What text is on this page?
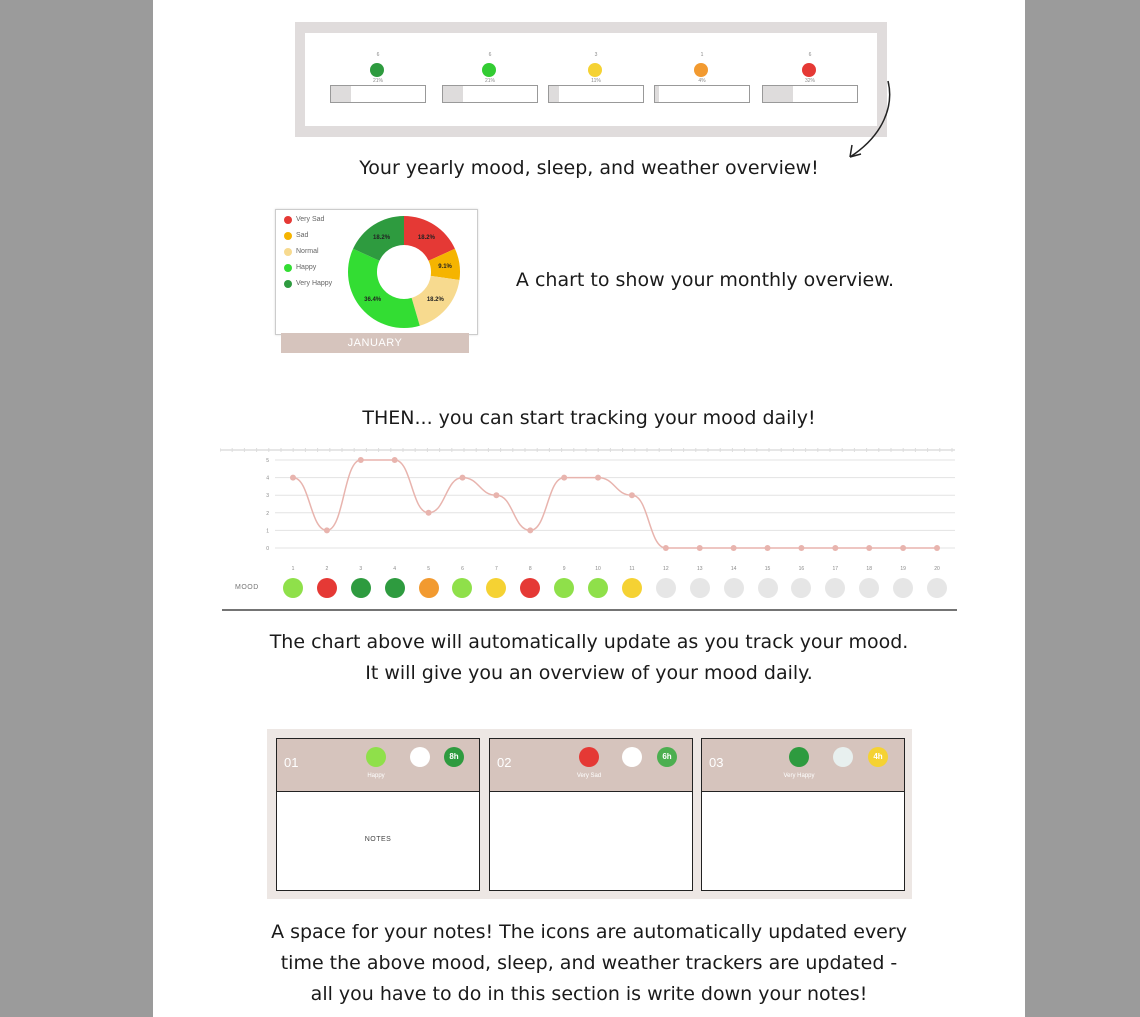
6
21%
6
21%
3
11%
1
4%
6
32%
Your yearly mood, sleep, and weather overview!
Very Sad
Sad
Normal
Happy
Very Happy
18.2%
9.1%
18.2%
36.4%
18.2%
JANUARY
A chart to show your monthly overview.
THEN... you can start tracking your mood daily!
0
1
2
3
4
5
MOOD
1	2	3	4	5	6	7	8	9	10	11	12	13	14	15	16	17	18	19	20
The chart above will automatically update as you track your mood.
It will give you an overview of your mood daily.
01
Happy
8h
NOTES
02
Very Sad
6h	03
Very Happy
4h
A space for your notes! The icons are automatically updated every
time the above mood, sleep, and weather trackers are updated -
all you have to do in this section is write down your notes!
